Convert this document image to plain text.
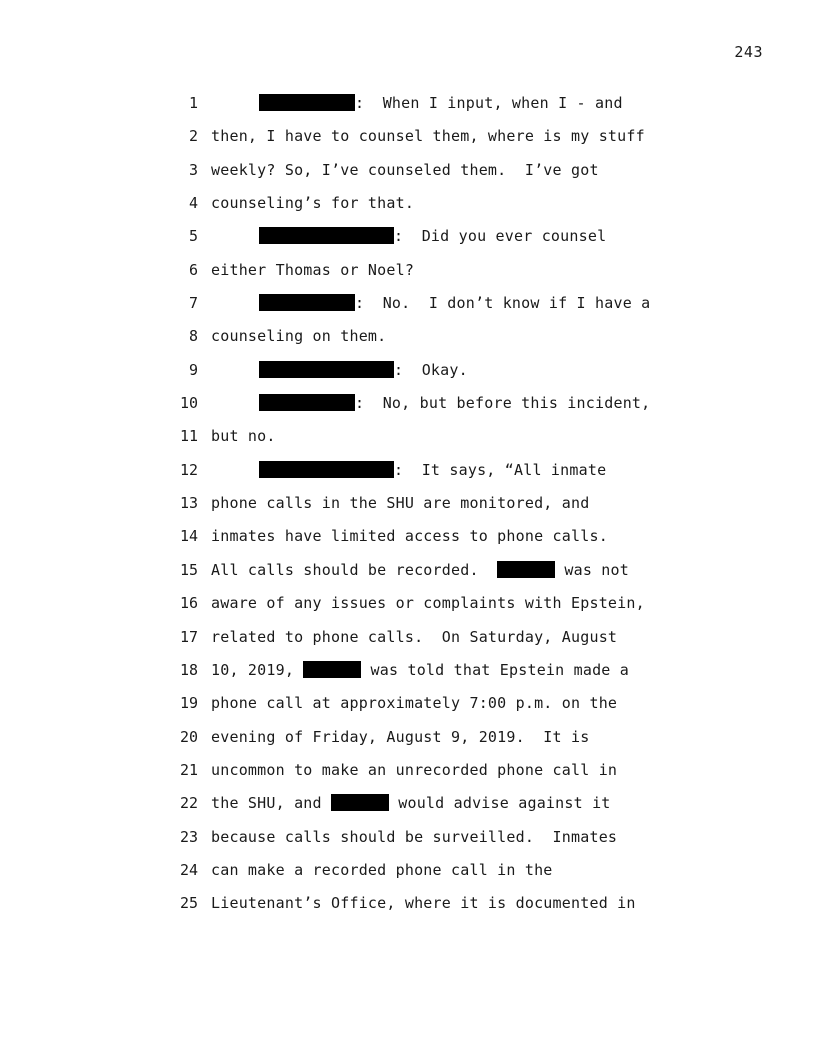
243
1	:  When I input, when I - and
2 then, I have to counsel them, where is my stuff
3 weekly? So, I’ve counseled them.  I’ve got
4 counseling’s for that.
5	:  Did you ever counsel
6 either Thomas or Noel?
7	:  No.  I don’t know if I have a
8 counseling on them.
9	:  Okay.
10	:  No, but before this incident,
11 but no.
12	:  It says, “All inmate
13 phone calls in the SHU are monitored, and
14 inmates have limited access to phone calls.
15 All calls should be recorded.	was not
16 aware of any issues or complaints with Epstein,
17 related to phone calls.  On Saturday, August
18 10, 2019,	was told that Epstein made a
19 phone call at approximately 7:00 p.m. on the
20 evening of Friday, August 9, 2019.  It is
21 uncommon to make an unrecorded phone call in
22 the SHU, and	would advise against it
23 because calls should be surveilled.  Inmates
24 can make a recorded phone call in the
25 Lieutenant’s Office, where it is documented in
